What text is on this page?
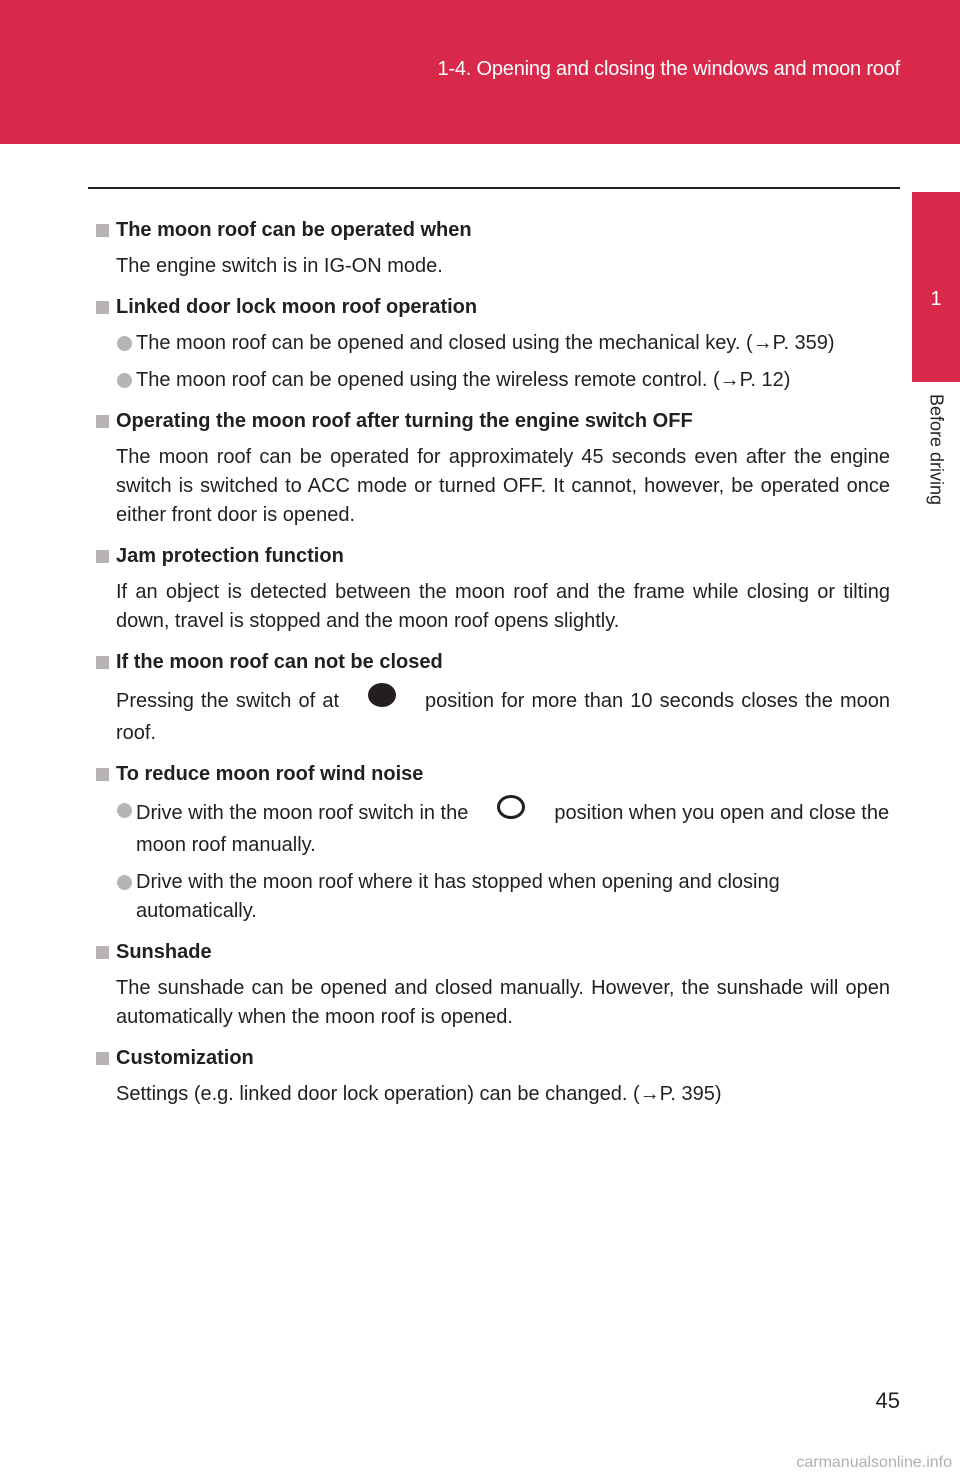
1-4. Opening and closing the windows and moon roof
1
Before driving
The moon roof can be operated when

The engine switch is in IG-ON mode.

Linked door lock moon roof operation
The moon roof can be opened and closed using the mechanical key. (→P. 359)
The moon roof can be opened using the wireless remote control. (→P. 12)
Operating the moon roof after turning the engine switch OFF

The moon roof can be operated for approximately 45 seconds even after the engine switch is switched to ACC mode or turned OFF. It cannot, however, be operated once either front door is opened.

Jam protection function

If an object is detected between the moon roof and the frame while closing or tilting down, travel is stopped and the moon roof opens slightly.

If the moon roof can not be closed

Pressing the switch of at	position for more than 10 seconds closes the moon roof.

To reduce moon roof wind noise
Drive with the moon roof switch in the	position when you open and close the moon roof manually.
Drive with the moon roof where it has stopped when opening and closing automatically.
Sunshade

The sunshade can be opened and closed manually. However, the sunshade will open automatically when the moon roof is opened.

Customization

Settings (e.g. linked door lock operation) can be changed. (→P. 395)

45
carmanualsonline.info
